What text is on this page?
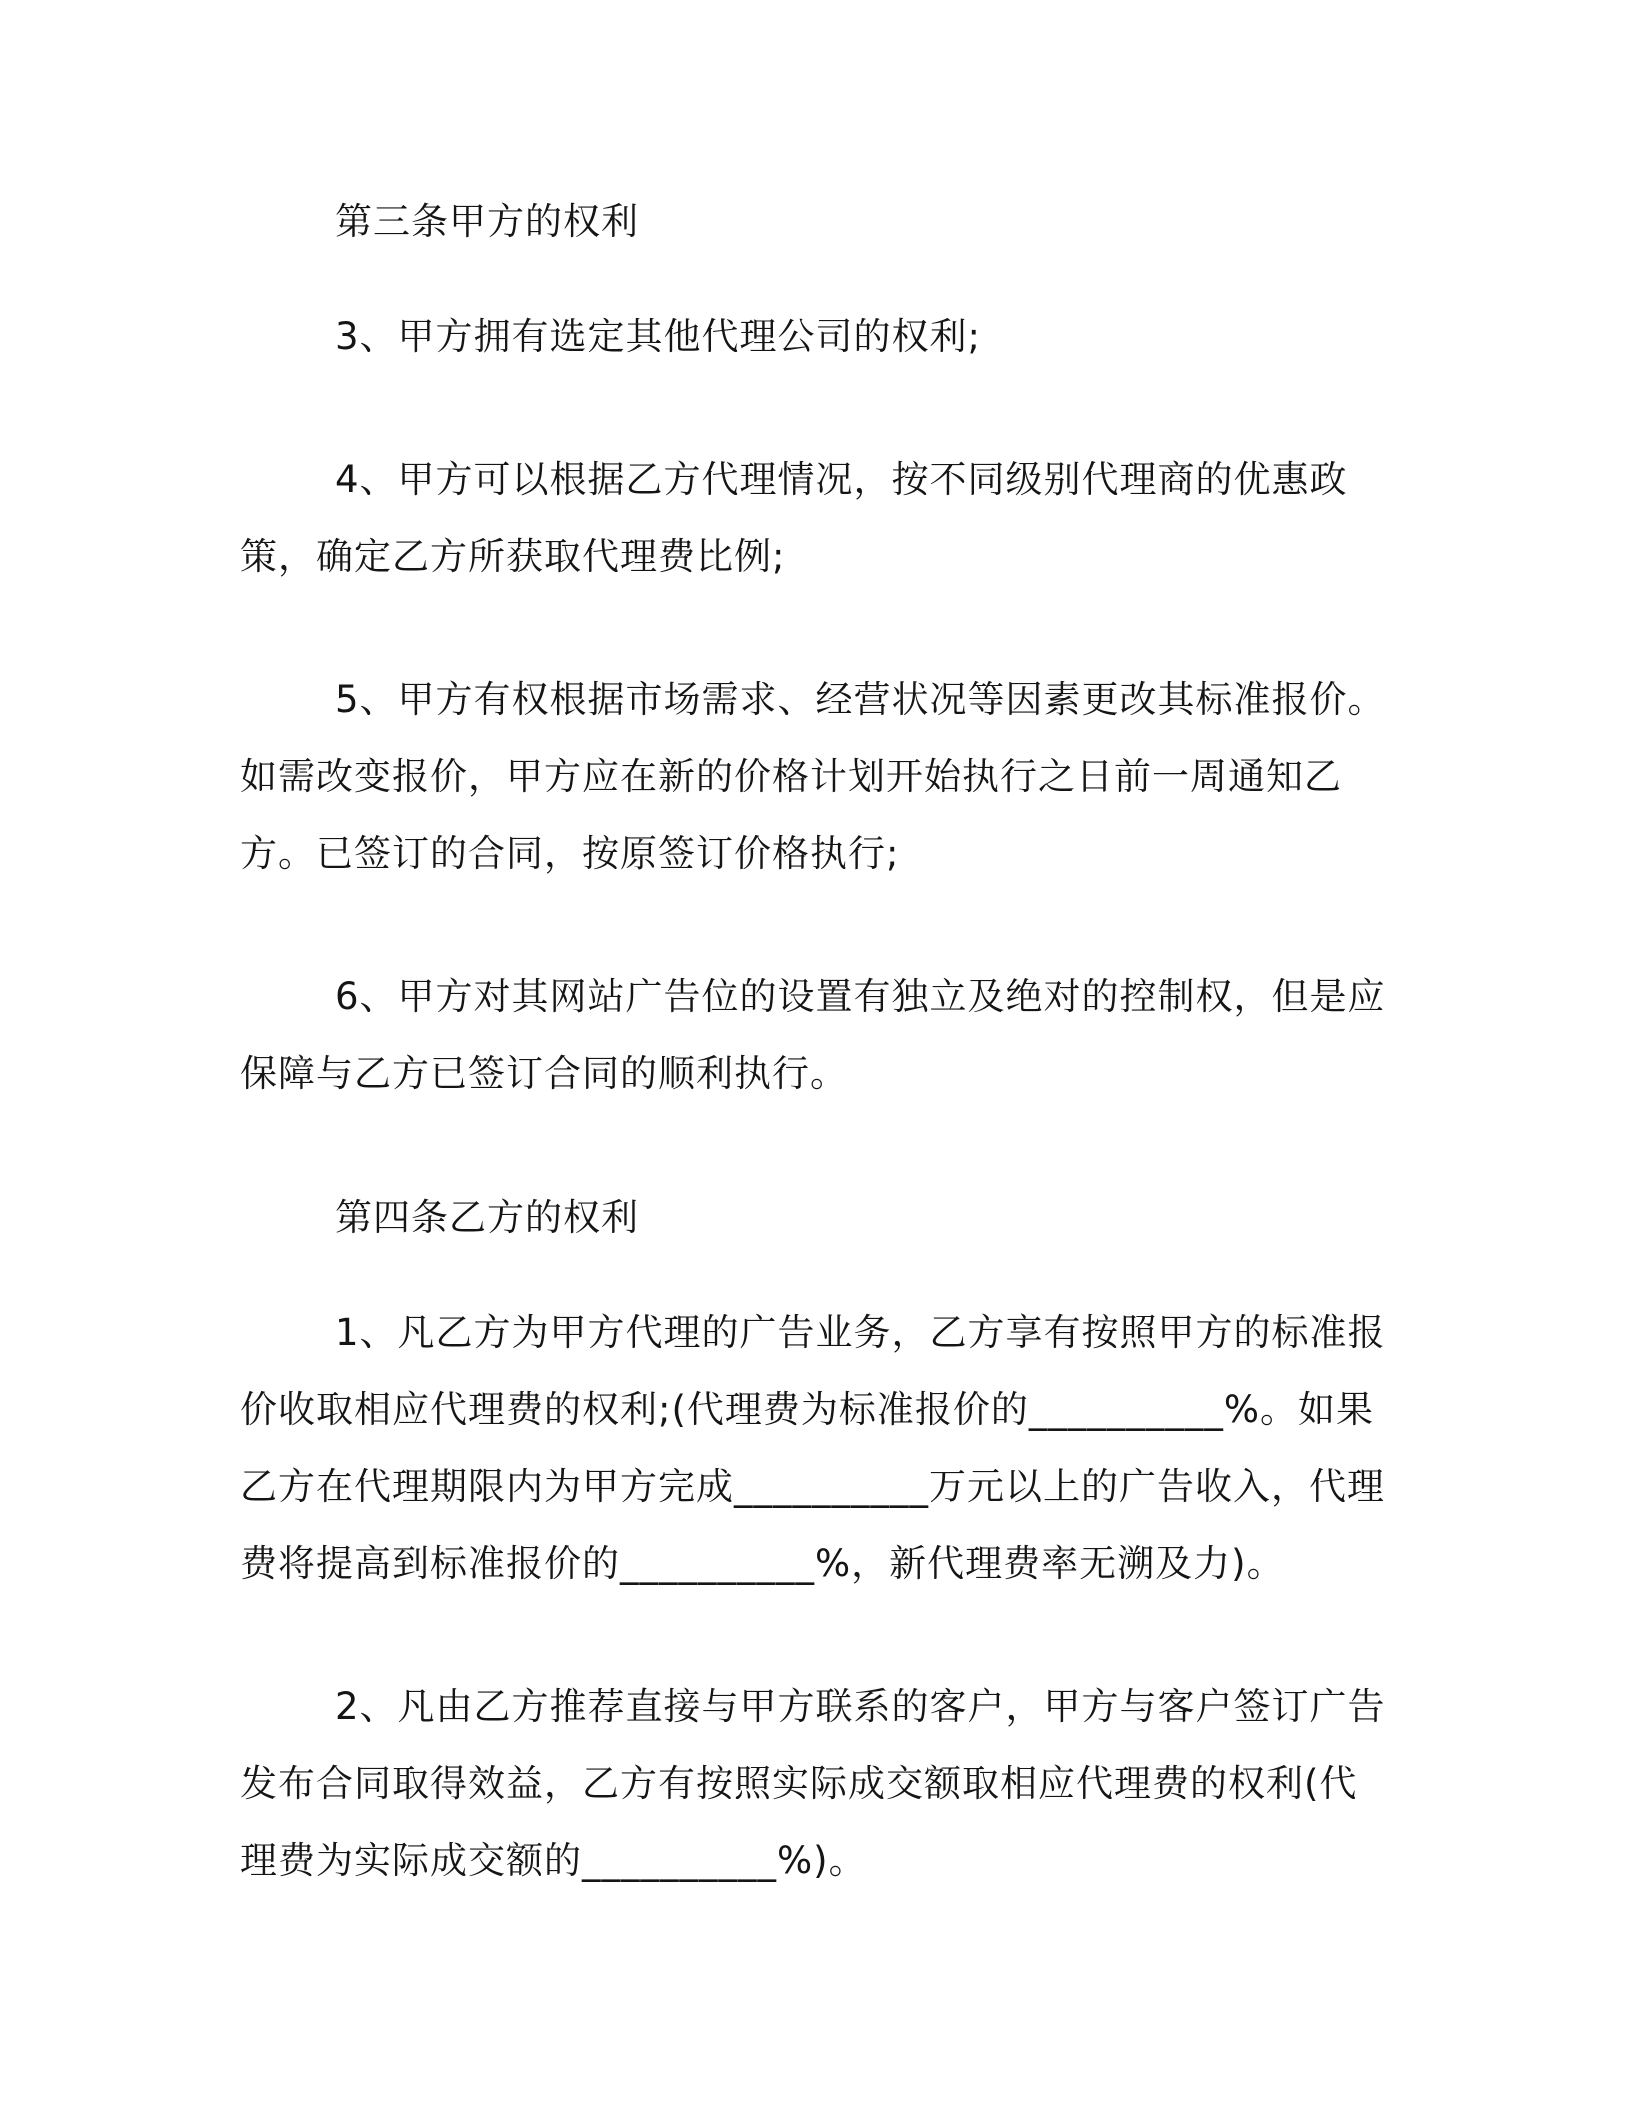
第三条甲方的权利

3、甲方拥有选定其他代理公司的权利;

4、甲方可以根据乙方代理情况，按不同级别代理商的优惠政策，确定乙方所获取代理费比例;

5、甲方有权根据市场需求、经营状况等因素更改其标准报价。如需改变报价，甲方应在新的价格计划开始执行之日前一周通知乙方。已签订的合同，按原签订价格执行;

6、甲方对其网站广告位的设置有独立及绝对的控制权，但是应保障与乙方已签订合同的顺利执行。

第四条乙方的权利

1、凡乙方为甲方代理的广告业务，乙方享有按照甲方的标准报价收取相应代理费的权利;(代理费为标准报价的__________%。如果乙方在代理期限内为甲方完成__________万元以上的广告收入，代理费将提高到标准报价的__________%，新代理费率无溯及力)。

2、凡由乙方推荐直接与甲方联系的客户，甲方与客户签订广告发布合同取得效益，乙方有按照实际成交额取相应代理费的权利(代理费为实际成交额的__________%)。
